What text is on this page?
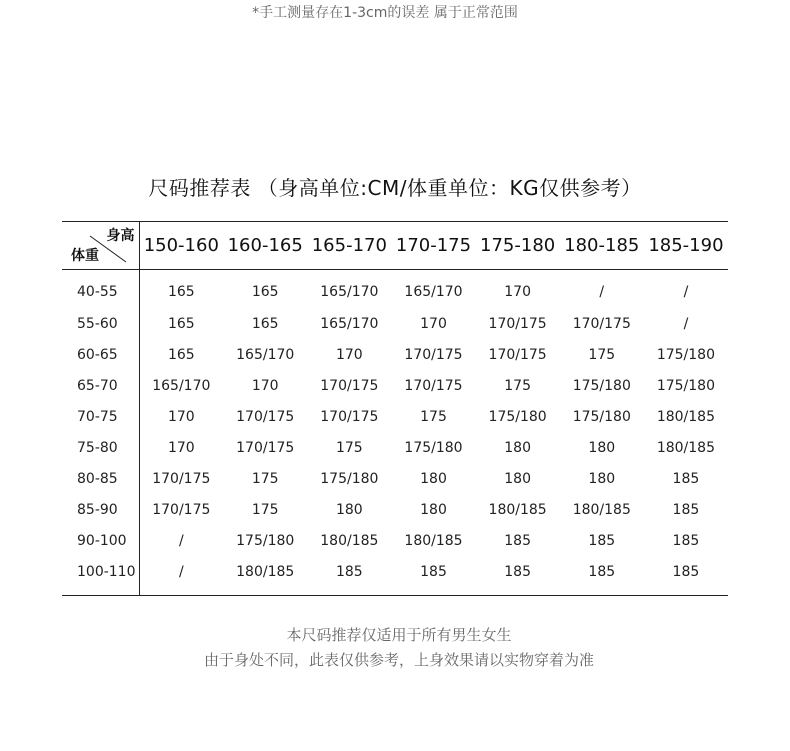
*手工测量存在1-3cm的误差 属于正常范围
尺码推荐表 （身高单位:CM/体重单位：KG仅供参考）
身高
体重	150-160	160-165	165-170	170-175	175-180	180-185	185-190
40-55	165	165	165/170	165/170	170	/	/
55-60	165	165	165/170	170	170/175	170/175	/
60-65	165	165/170	170	170/175	170/175	175	175/180
65-70	165/170	170	170/175	170/175	175	175/180	175/180
70-75	170	170/175	170/175	175	175/180	175/180	180/185
75-80	170	170/175	175	175/180	180	180	180/185
80-85	170/175	175	175/180	180	180	180	185
85-90	170/175	175	180	180	180/185	180/185	185
90-100	/	175/180	180/185	180/185	185	185	185
100-110	/	180/185	185	185	185	185	185
本尺码推荐仅适用于所有男生女生
由于身处不同，此表仅供参考，上身效果请以实物穿着为准
